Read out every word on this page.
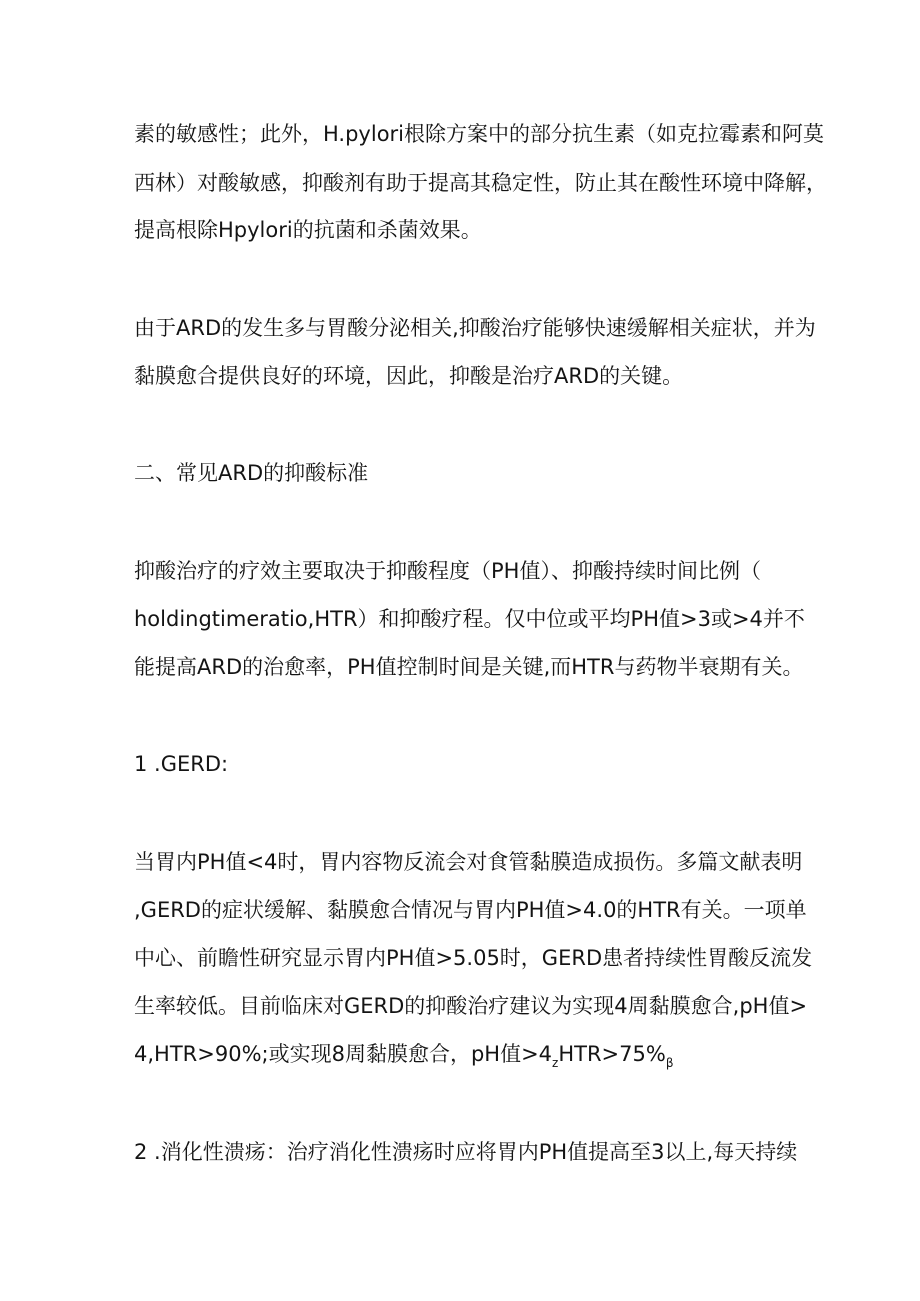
素的敏感性；此外，H.pylori根除方案中的部分抗生素（如克拉霉素和阿莫
西林）对酸敏感，抑酸剂有助于提高其稳定性，防止其在酸性环境中降解，
提高根除Hpylori的抗菌和杀菌效果。
由于ARD的发生多与胃酸分泌相关,抑酸治疗能够快速缓解相关症状，并为
黏膜愈合提供良好的环境，因此，抑酸是治疗ARD的关键。
二、常见ARD的抑酸标准
抑酸治疗的疗效主要取决于抑酸程度（PH值）、抑酸持续时间比例（
holdingtimeratio,HTR）和抑酸疗程。仅中位或平均PH值>3或>4并不
能提高ARD的治愈率，PH值控制时间是关键,而HTR与药物半衰期有关。
1 .GERD:
当胃内PH值<4时，胃内容物反流会对食管黏膜造成损伤。多篇文献表明
,GERD的症状缓解、黏膜愈合情况与胃内PH值>4.0的HTR有关。一项单
中心、前瞻性研究显示胃内PH值>5.05时，GERD患者持续性胃酸反流发
生率较低。目前临床对GERD的抑酸治疗建议为实现4周黏膜愈合,pH值>
4,HTR>90%;或实现8周黏膜愈合，pH值$>4_zHTR>75\%_\beta$
2 .消化性溃疡：治疗消化性溃疡时应将胃内PH值提高至3以上,每天持续
